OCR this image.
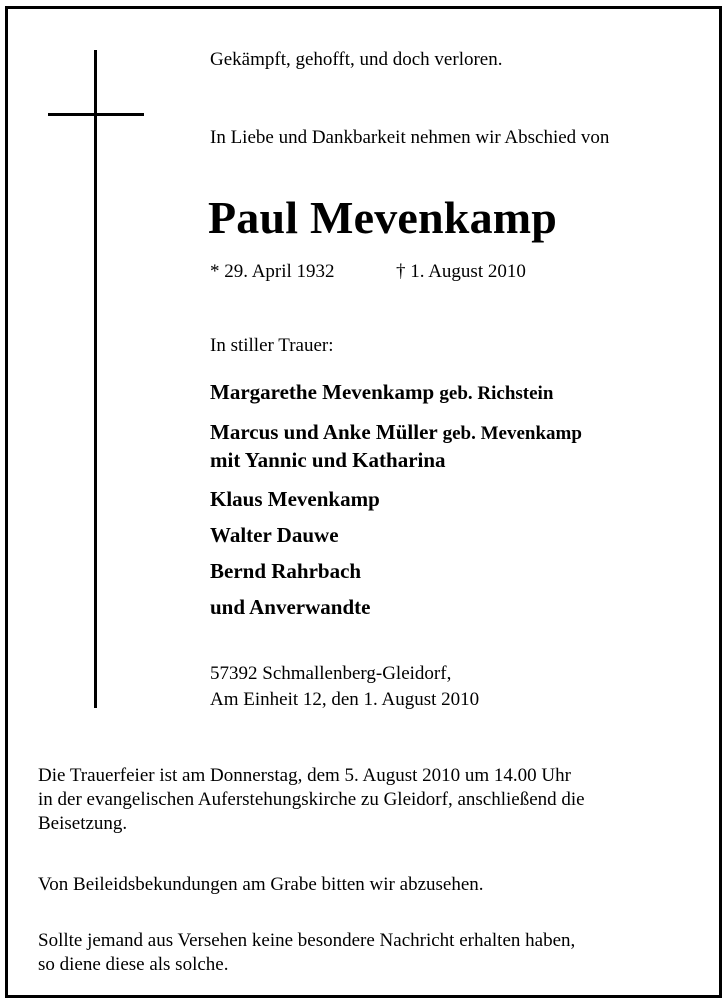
Gekämpft, gehofft, und doch verloren.
In Liebe und Dankbarkeit nehmen wir Abschied von
Paul Mevenkamp
* 29. April 1932	† 1. August 2010
In stiller Trauer:
Margarethe Mevenkamp geb. Richstein
Marcus und Anke Müller geb. Mevenkamp
mit Yannic und Katharina
Klaus Mevenkamp
Walter Dauwe
Bernd Rahrbach
und Anverwandte
57392 Schmallenberg-Gleidorf,
Am Einheit 12, den 1. August 2010
Die Trauerfeier ist am Donnerstag, dem 5. August 2010 um 14.00 Uhr
in der evangelischen Auferstehungskirche zu Gleidorf, anschließend die
Beisetzung.
Von Beileidsbekundungen am Grabe bitten wir abzusehen.
Sollte jemand aus Versehen keine besondere Nachricht erhalten haben,
so diene diese als solche.
